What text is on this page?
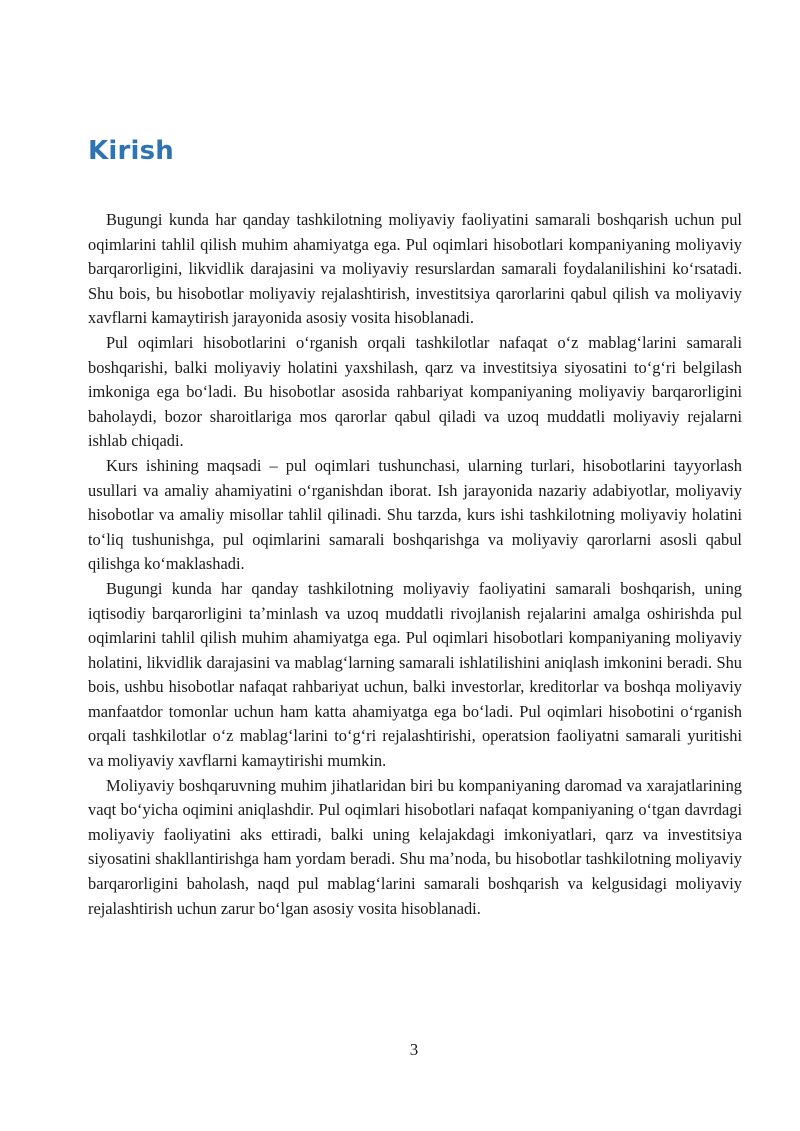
Kirish

Bugungi kunda har qanday tashkilotning moliyaviy faoliyatini samarali boshqarish uchun pul oqimlarini tahlil qilish muhim ahamiyatga ega. Pul oqimlari hisobotlari kompaniyaning moliyaviy barqarorligini, likvidlik darajasini va moliyaviy resurslardan samarali foydalanilishini koʻrsatadi. Shu bois, bu hisobotlar moliyaviy rejalashtirish, investitsiya qarorlarini qabul qilish va moliyaviy xavflarni kamaytirish jarayonida asosiy vosita hisoblanadi.

Pul oqimlari hisobotlarini oʻrganish orqali tashkilotlar nafaqat oʻz mablagʻlarini samarali boshqarishi, balki moliyaviy holatini yaxshilash, qarz va investitsiya siyosatini toʻgʻri belgilash imkoniga ega boʻladi. Bu hisobotlar asosida rahbariyat kompaniyaning moliyaviy barqarorligini baholaydi, bozor sharoitlariga mos qarorlar qabul qiladi va uzoq muddatli moliyaviy rejalarni ishlab chiqadi.

Kurs ishining maqsadi – pul oqimlari tushunchasi, ularning turlari, hisobotlarini tayyorlash usullari va amaliy ahamiyatini oʻrganishdan iborat. Ish jarayonida nazariy adabiyotlar, moliyaviy hisobotlar va amaliy misollar tahlil qilinadi. Shu tarzda, kurs ishi tashkilotning moliyaviy holatini toʻliq tushunishga, pul oqimlarini samarali boshqarishga va moliyaviy qarorlarni asosli qabul qilishga koʻmaklashadi.

Bugungi kunda har qanday tashkilotning moliyaviy faoliyatini samarali boshqarish, uning iqtisodiy barqarorligini taʼminlash va uzoq muddatli rivojlanish rejalarini amalga oshirishda pul oqimlarini tahlil qilish muhim ahamiyatga ega. Pul oqimlari hisobotlari kompaniyaning moliyaviy holatini, likvidlik darajasini va mablagʻlarning samarali ishlatilishini aniqlash imkonini beradi. Shu bois, ushbu hisobotlar nafaqat rahbariyat uchun, balki investorlar, kreditorlar va boshqa moliyaviy manfaatdor tomonlar uchun ham katta ahamiyatga ega boʻladi. Pul oqimlari hisobotini oʻrganish orqali tashkilotlar oʻz mablagʻlarini toʻgʻri rejalashtirishi, operatsion faoliyatni samarali yuritishi va moliyaviy xavflarni kamaytirishi mumkin.

Moliyaviy boshqaruvning muhim jihatlaridan biri bu kompaniyaning daromad va xarajatlarining vaqt boʻyicha oqimini aniqlashdir. Pul oqimlari hisobotlari nafaqat kompaniyaning oʻtgan davrdagi moliyaviy faoliyatini aks ettiradi, balki uning kelajakdagi imkoniyatlari, qarz va investitsiya siyosatini shakllantirishga ham yordam beradi. Shu maʼnoda, bu hisobotlar tashkilotning moliyaviy barqarorligini baholash, naqd pul mablagʻlarini samarali boshqarish va kelgusidagi moliyaviy rejalashtirish uchun zarur boʻlgan asosiy vosita hisoblanadi.

3
